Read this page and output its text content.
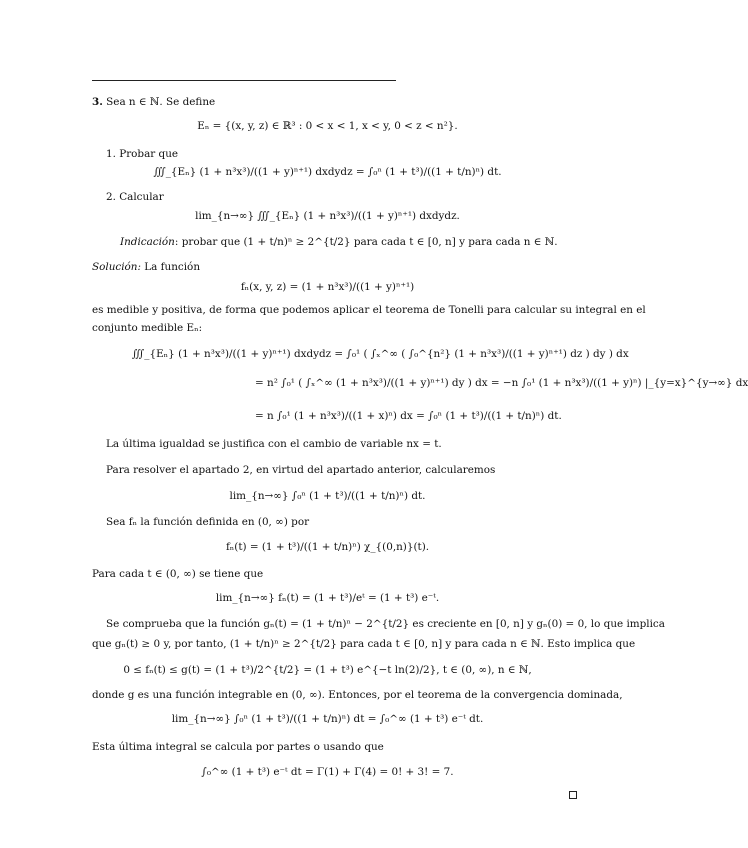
3. Sea n ∈ ℕ. Se define
Eₙ = {(x, y, z) ∈ ℝ³ : 0 < x < 1, x < y, 0 < z < n²}.
1. Probar que
∭_{Eₙ} (1 + n³x³)/((1 + y)ⁿ⁺¹) dxdydz = ∫₀ⁿ (1 + t³)/((1 + t/n)ⁿ) dt.
2. Calcular
lim_{n→∞} ∭_{Eₙ} (1 + n³x³)/((1 + y)ⁿ⁺¹) dxdydz.
Indicación: probar que (1 + t/n)ⁿ ≥ 2^{t/2} para cada t ∈ [0, n] y para cada n ∈ ℕ.
Solución: La función
fₙ(x, y, z) = (1 + n³x³)/((1 + y)ⁿ⁺¹)
es medible y positiva, de forma que podemos aplicar el teorema de Tonelli para calcular su integral en el
conjunto medible Eₙ:
∭_{Eₙ} (1 + n³x³)/((1 + y)ⁿ⁺¹) dxdydz = ∫₀¹ ( ∫ₓ^∞ ( ∫₀^{n²} (1 + n³x³)/((1 + y)ⁿ⁺¹) dz ) dy ) dx
= n² ∫₀¹ ( ∫ₓ^∞ (1 + n³x³)/((1 + y)ⁿ⁺¹) dy ) dx = −n ∫₀¹ (1 + n³x³)/((1 + y)ⁿ) |_{y=x}^{y→∞} dx
= n ∫₀¹ (1 + n³x³)/((1 + x)ⁿ) dx = ∫₀ⁿ (1 + t³)/((1 + t/n)ⁿ) dt.
La última igualdad se justifica con el cambio de variable nx = t.
Para resolver el apartado 2, en virtud del apartado anterior, calcularemos
lim_{n→∞} ∫₀ⁿ (1 + t³)/((1 + t/n)ⁿ) dt.
Sea fₙ la función definida en (0, ∞) por
fₙ(t) = (1 + t³)/((1 + t/n)ⁿ) χ_{(0,n)}(t).
Para cada t ∈ (0, ∞) se tiene que
lim_{n→∞} fₙ(t) = (1 + t³)/eᵗ = (1 + t³) e⁻ᵗ.
Se comprueba que la función gₙ(t) = (1 + t/n)ⁿ − 2^{t/2} es creciente en [0, n] y gₙ(0) = 0, lo que implica
que gₙ(t) ≥ 0 y, por tanto, (1 + t/n)ⁿ ≥ 2^{t/2} para cada t ∈ [0, n] y para cada n ∈ ℕ. Esto implica que
0 ≤ fₙ(t) ≤ g(t) = (1 + t³)/2^{t/2} = (1 + t³) e^{−t ln(2)/2}, t ∈ (0, ∞), n ∈ ℕ,
donde g es una función integrable en (0, ∞). Entonces, por el teorema de la convergencia dominada,
lim_{n→∞} ∫₀ⁿ (1 + t³)/((1 + t/n)ⁿ) dt = ∫₀^∞ (1 + t³) e⁻ᵗ dt.
Esta última integral se calcula por partes o usando que
∫₀^∞ (1 + t³) e⁻ᵗ dt = Γ(1) + Γ(4) = 0! + 3! = 7.
